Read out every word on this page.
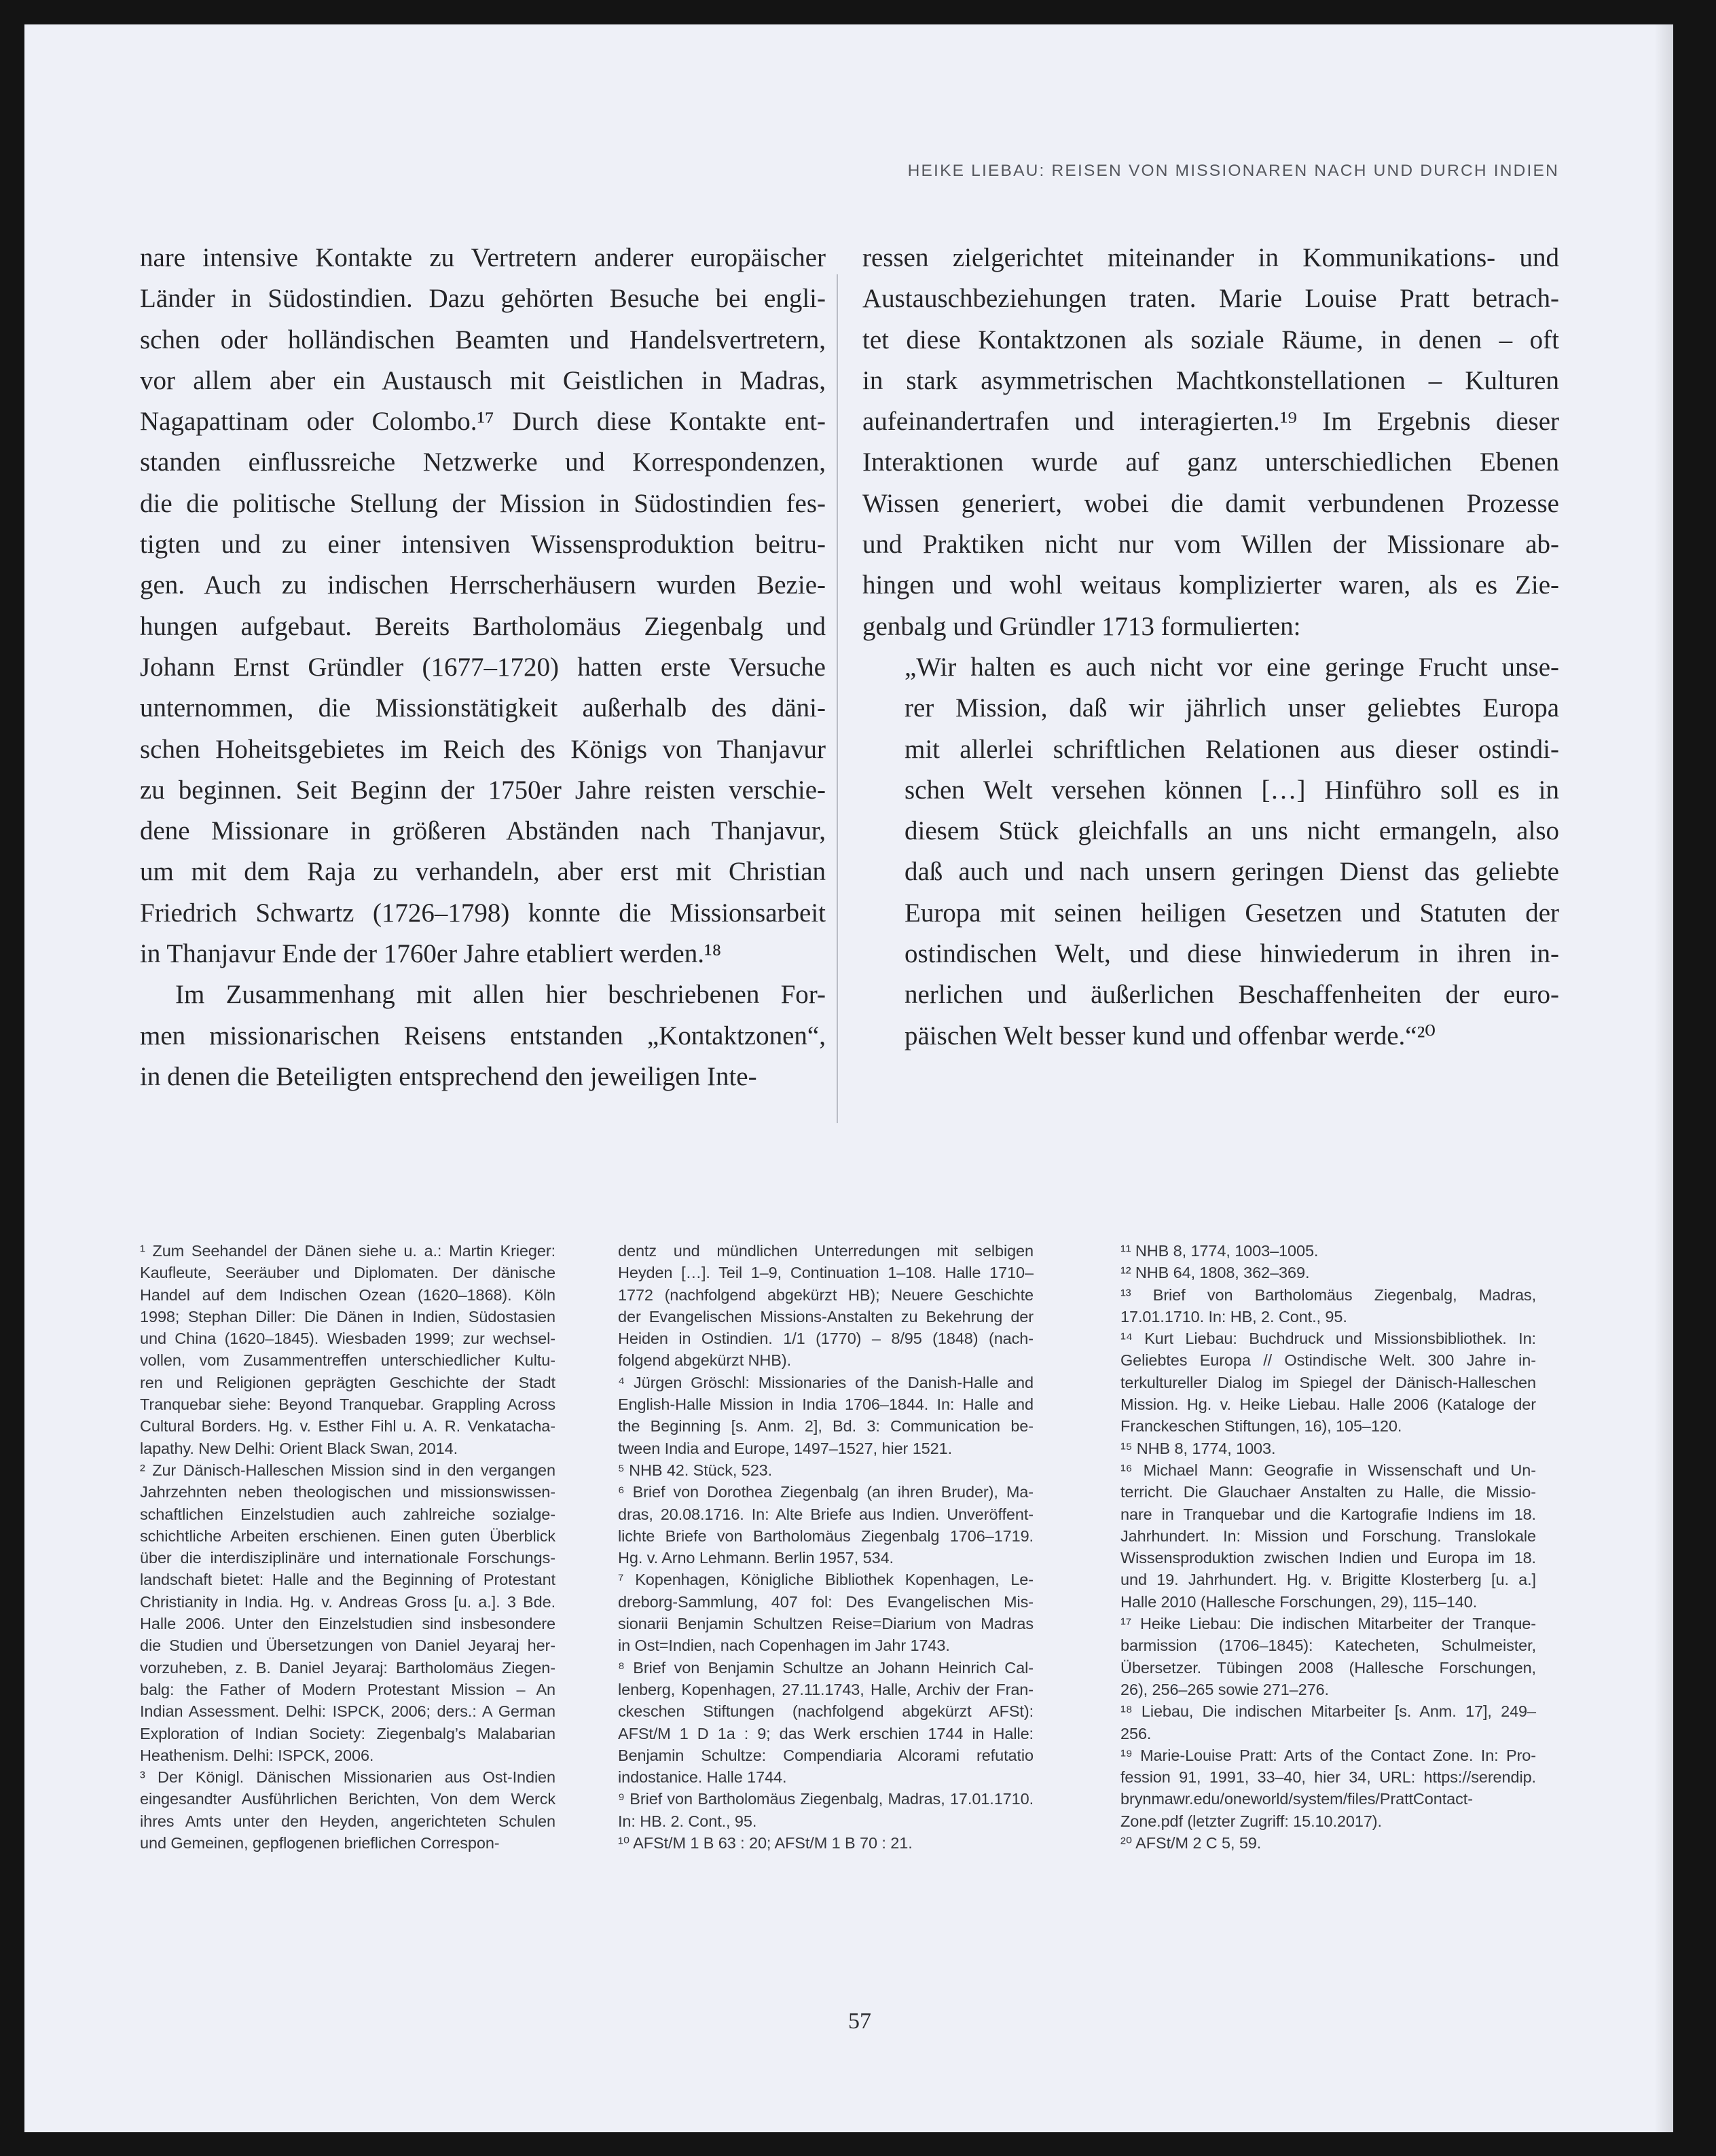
HEIKE LIEBAU: REISEN VON MISSIONAREN NACH UND DURCH INDIEN
nare intensive Kontakte zu Vertretern anderer europäischer
Länder in Südostindien. Dazu gehörten Besuche bei engli-
schen oder holländischen Beamten und Handelsvertretern,
vor allem aber ein Austausch mit Geistlichen in Madras,
Nagapattinam oder Colombo.¹⁷ Durch diese Kontakte ent-
standen einflussreiche Netzwerke und Korrespondenzen,
die die politische Stellung der Mission in Südostindien fes-
tigten und zu einer intensiven Wissensproduktion beitru-
gen. Auch zu indischen Herrscherhäusern wurden Bezie-
hungen aufgebaut. Bereits Bartholomäus Ziegenbalg und
Johann Ernst Gründler (1677–1720) hatten erste Versuche
unternommen, die Missionstätigkeit außerhalb des däni-
schen Hoheitsgebietes im Reich des Königs von Thanjavur
zu beginnen. Seit Beginn der 1750er Jahre reisten verschie-
dene Missionare in größeren Abständen nach Thanjavur,
um mit dem Raja zu verhandeln, aber erst mit Christian
Friedrich Schwartz (1726–1798) konnte die Missionsarbeit
in Thanjavur Ende der 1760er Jahre etabliert werden.¹⁸
Im Zusammenhang mit allen hier beschriebenen For-
men missionarischen Reisens entstanden „Kontaktzonen“,
in denen die Beteiligten entsprechend den jeweiligen Inte-
ressen zielgerichtet miteinander in Kommunikations- und
Austauschbeziehungen traten. Marie Louise Pratt betrach-
tet diese Kontaktzonen als soziale Räume, in denen – oft
in stark asymmetrischen Machtkonstellationen – Kulturen
aufeinandertrafen und interagierten.¹⁹ Im Ergebnis dieser
Interaktionen wurde auf ganz unterschiedlichen Ebenen
Wissen generiert, wobei die damit verbundenen Prozesse
und Praktiken nicht nur vom Willen der Missionare ab-
hingen und wohl weitaus komplizierter waren, als es Zie-
genbalg und Gründler 1713 formulierten:
„Wir halten es auch nicht vor eine geringe Frucht unse-
rer Mission, daß wir jährlich unser geliebtes Europa
mit allerlei schriftlichen Relationen aus dieser ostindi-
schen Welt versehen können […] Hinführo soll es in
diesem Stück gleichfalls an uns nicht ermangeln, also
daß auch und nach unsern geringen Dienst das geliebte
Europa mit seinen heiligen Gesetzen und Statuten der
ostindischen Welt, und diese hinwiederum in ihren in-
nerlichen und äußerlichen Beschaffenheiten der euro-
päischen Welt besser kund und offenbar werde.“²⁰
¹ Zum Seehandel der Dänen siehe u. a.: Martin Krieger:
Kaufleute, Seeräuber und Diplomaten. Der dänische
Handel auf dem Indischen Ozean (1620–1868). Köln
1998; Stephan Diller: Die Dänen in Indien, Südostasien
und China (1620–1845). Wiesbaden 1999; zur wechsel-
vollen, vom Zusammentreffen unterschiedlicher Kultu-
ren und Religionen geprägten Geschichte der Stadt
Tranquebar siehe: Beyond Tranquebar. Grappling Across
Cultural Borders. Hg. v. Esther Fihl u. A. R. Venkatacha-
lapathy. New Delhi: Orient Black Swan, 2014.
² Zur Dänisch-Halleschen Mission sind in den vergangen
Jahrzehnten neben theologischen und missionswissen-
schaftlichen Einzelstudien auch zahlreiche sozialge-
schichtliche Arbeiten erschienen. Einen guten Überblick
über die interdisziplinäre und internationale Forschungs-
landschaft bietet: Halle and the Beginning of Protestant
Christianity in India. Hg. v. Andreas Gross [u. a.]. 3 Bde.
Halle 2006. Unter den Einzelstudien sind insbesondere
die Studien und Übersetzungen von Daniel Jeyaraj her-
vorzuheben, z. B. Daniel Jeyaraj: Bartholomäus Ziegen-
balg: the Father of Modern Protestant Mission – An
Indian Assessment. Delhi: ISPCK, 2006; ders.: A German
Exploration of Indian Society: Ziegenbalg’s Malabarian
Heathenism. Delhi: ISPCK, 2006.
³ Der Königl. Dänischen Missionarien aus Ost-Indien
eingesandter Ausführlichen Berichten, Von dem Werck
ihres Amts unter den Heyden, angerichteten Schulen
und Gemeinen, gepflogenen brieflichen Correspon-
dentz und mündlichen Unterredungen mit selbigen
Heyden […]. Teil 1–9, Continuation 1–108. Halle 1710–
1772 (nachfolgend abgekürzt HB); Neuere Geschichte
der Evangelischen Missions-Anstalten zu Bekehrung der
Heiden in Ostindien. 1/1 (1770) – 8/95 (1848) (nach-
folgend abgekürzt NHB).
⁴ Jürgen Gröschl: Missionaries of the Danish-Halle and
English-Halle Mission in India 1706–1844. In: Halle and
the Beginning [s. Anm. 2], Bd. 3: Communication be-
tween India and Europe, 1497–1527, hier 1521.
⁵ NHB 42. Stück, 523.
⁶ Brief von Dorothea Ziegenbalg (an ihren Bruder), Ma-
dras, 20.08.1716. In: Alte Briefe aus Indien. Unveröffent-
lichte Briefe von Bartholomäus Ziegenbalg 1706–1719.
Hg. v. Arno Lehmann. Berlin 1957, 534.
⁷ Kopenhagen, Königliche Bibliothek Kopenhagen, Le-
dreborg-Sammlung, 407 fol: Des Evangelischen Mis-
sionarii Benjamin Schultzen Reise=Diarium von Madras
in Ost=Indien, nach Copenhagen im Jahr 1743.
⁸ Brief von Benjamin Schultze an Johann Heinrich Cal-
lenberg, Kopenhagen, 27.11.1743, Halle, Archiv der Fran-
ckeschen Stiftungen (nachfolgend abgekürzt AFSt):
AFSt/M 1 D 1a : 9; das Werk erschien 1744 in Halle:
Benjamin Schultze: Compendiaria Alcorami refutatio
indostanice. Halle 1744.
⁹ Brief von Bartholomäus Ziegenbalg, Madras, 17.01.1710.
In: HB. 2. Cont., 95.
¹⁰ AFSt/M 1 B 63 : 20; AFSt/M 1 B 70 : 21.
¹¹ NHB 8, 1774, 1003–1005.
¹² NHB 64, 1808, 362–369.
¹³ Brief von Bartholomäus Ziegenbalg, Madras,
17.01.1710. In: HB, 2. Cont., 95.
¹⁴ Kurt Liebau: Buchdruck und Missionsbibliothek. In:
Geliebtes Europa // Ostindische Welt. 300 Jahre in-
terkultureller Dialog im Spiegel der Dänisch-Halleschen
Mission. Hg. v. Heike Liebau. Halle 2006 (Kataloge der
Franckeschen Stiftungen, 16), 105–120.
¹⁵ NHB 8, 1774, 1003.
¹⁶ Michael Mann: Geografie in Wissenschaft und Un-
terricht. Die Glauchaer Anstalten zu Halle, die Missio-
nare in Tranquebar und die Kartografie Indiens im 18.
Jahrhundert. In: Mission und Forschung. Translokale
Wissensproduktion zwischen Indien und Europa im 18.
und 19. Jahrhundert. Hg. v. Brigitte Klosterberg [u. a.]
Halle 2010 (Hallesche Forschungen, 29), 115–140.
¹⁷ Heike Liebau: Die indischen Mitarbeiter der Tranque-
barmission (1706–1845): Katecheten, Schulmeister,
Übersetzer. Tübingen 2008 (Hallesche Forschungen,
26), 256–265 sowie 271–276.
¹⁸ Liebau, Die indischen Mitarbeiter [s. Anm. 17], 249–
256.
¹⁹ Marie-Louise Pratt: Arts of the Contact Zone. In: Pro-
fession 91, 1991, 33–40, hier 34, URL: https://serendip.
brynmawr.edu/oneworld/system/files/PrattContact-
Zone.pdf (letzter Zugriff: 15.10.2017).
²⁰ AFSt/M 2 C 5, 59.
57
